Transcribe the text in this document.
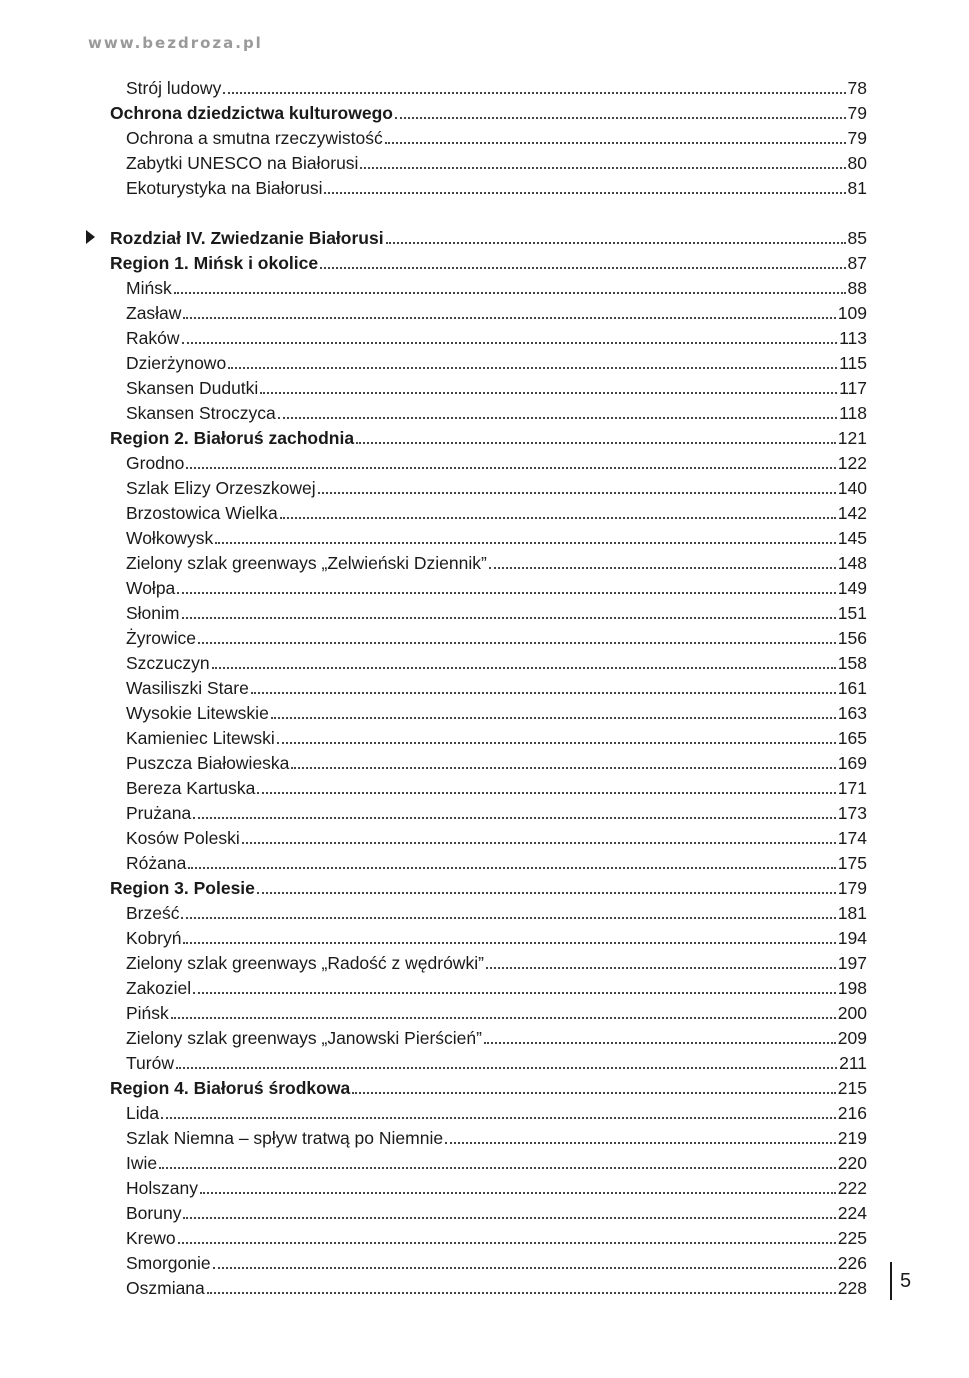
www.bezdroza.pl
Strój ludowy	78
Ochrona dziedzictwa kulturowego	79
Ochrona a smutna rzeczywistość	79
Zabytki UNESCO na Białorusi	80
Ekoturystyka na Białorusi	81
Rozdział IV. Zwiedzanie Białorusi	85
Region 1. Mińsk i okolice	87
Mińsk	88
Zasław	109
Raków	113
Dzierżynowo	115
Skansen Dudutki	117
Skansen Stroczyca	118
Region 2. Białoruś zachodnia	121
Grodno	122
Szlak Elizy Orzeszkowej	140
Brzostowica Wielka	142
Wołkowysk	145
Zielony szlak greenways „Zelwieński Dziennik”	148
Wołpa	149
Słonim	151
Żyrowice	156
Szczuczyn	158
Wasiliszki Stare	161
Wysokie Litewskie	163
Kamieniec Litewski	165
Puszcza Białowieska	169
Bereza Kartuska	171
Prużana	173
Kosów Poleski	174
Różana	175
Region 3. Polesie	179
Brześć	181
Kobryń	194
Zielony szlak greenways „Radość z wędrówki”	197
Zakoziel	198
Pińsk	200
Zielony szlak greenways „Janowski Pierścień”	209
Turów	211
Region 4. Białoruś środkowa	215
Lida	216
Szlak Niemna – spływ tratwą po Niemnie	219
Iwie	220
Holszany	222
Boruny	224
Krewo	225
Smorgonie	226
Oszmiana	228	5
